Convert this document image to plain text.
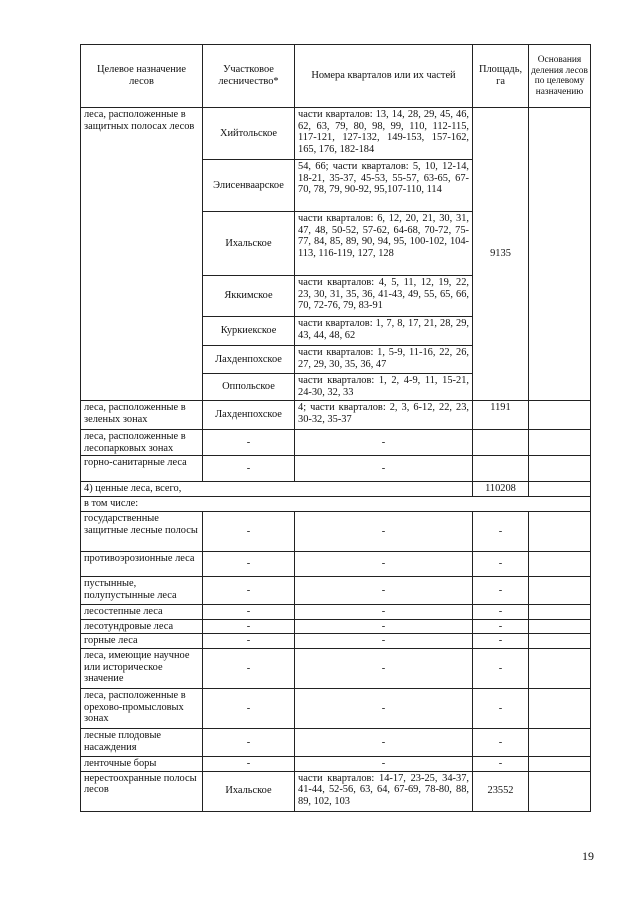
Целевое назначение лесов	Участковое лесничество*	Номера кварталов или их частей	Площадь, га	Основания деления лесов по целевому назначению
леса, расположенные в защитных полосах лесов	Хийтольское	части кварталов: 13, 14, 28, 29, 45, 46, 62, 63, 79, 80, 98, 99, 110, 112-115, 117-121, 127-132, 149-153, 157-162, 165, 176, 182-184	9135	
	Элисенваарское	54, 66; части кварталов: 5, 10, 12-14, 18-21, 35-37, 45-53, 55-57, 63-65, 67-70, 78, 79, 90-92, 95,107-110, 114		
	Ихальское	части кварталов: 6, 12, 20, 21, 30, 31, 47, 48, 50-52, 57-62, 64-68, 70-72, 75-77, 84, 85, 89, 90, 94, 95, 100-102, 104-113, 116-119, 127, 128		
	Яккимское	части кварталов: 4, 5, 11, 12, 19, 22, 23, 30, 31, 35, 36, 41-43, 49, 55, 65, 66, 70, 72-76, 79, 83-91		
	Куркиекское	части кварталов: 1, 7, 8, 17, 21, 28, 29, 43, 44, 48, 62		
	Лахденпохское	части кварталов: 1, 5-9, 11-16, 22, 26, 27, 29, 30, 35, 36, 47		
	Оппольское	части кварталов: 1, 2, 4-9, 11, 15-21, 24-30, 32, 33		
леса, расположенные в зеленых зонах	Лахденпохское	4; части кварталов: 2, 3, 6-12, 22, 23, 30-32, 35-37	1191	
леса, расположенные в лесопарковых зонах	-	-		
горно-санитарные леса	-	-		
4) ценные леса, всего,			110208	
в том числе:				
государственные защитные лесные полосы	-	-	-	
противоэрозионные леса	-	-	-	
пустынные, полупустынные леса	-	-	-	
лесостепные леса	-	-	-	
лесотундровые леса	-	-	-	
горные леса	-	-	-	
леса, имеющие научное или историческое значение	-	-	-	
леса, расположенные в орехово-промысловых зонах	-	-	-	
лесные плодовые насаждения	-	-	-	
ленточные боры	-	-	-	
нерестоохранные полосы лесов	Ихальское	части кварталов: 14-17, 23-25, 34-37, 41-44, 52-56, 63, 64, 67-69, 78-80, 88, 89, 102, 103	23552	
19
